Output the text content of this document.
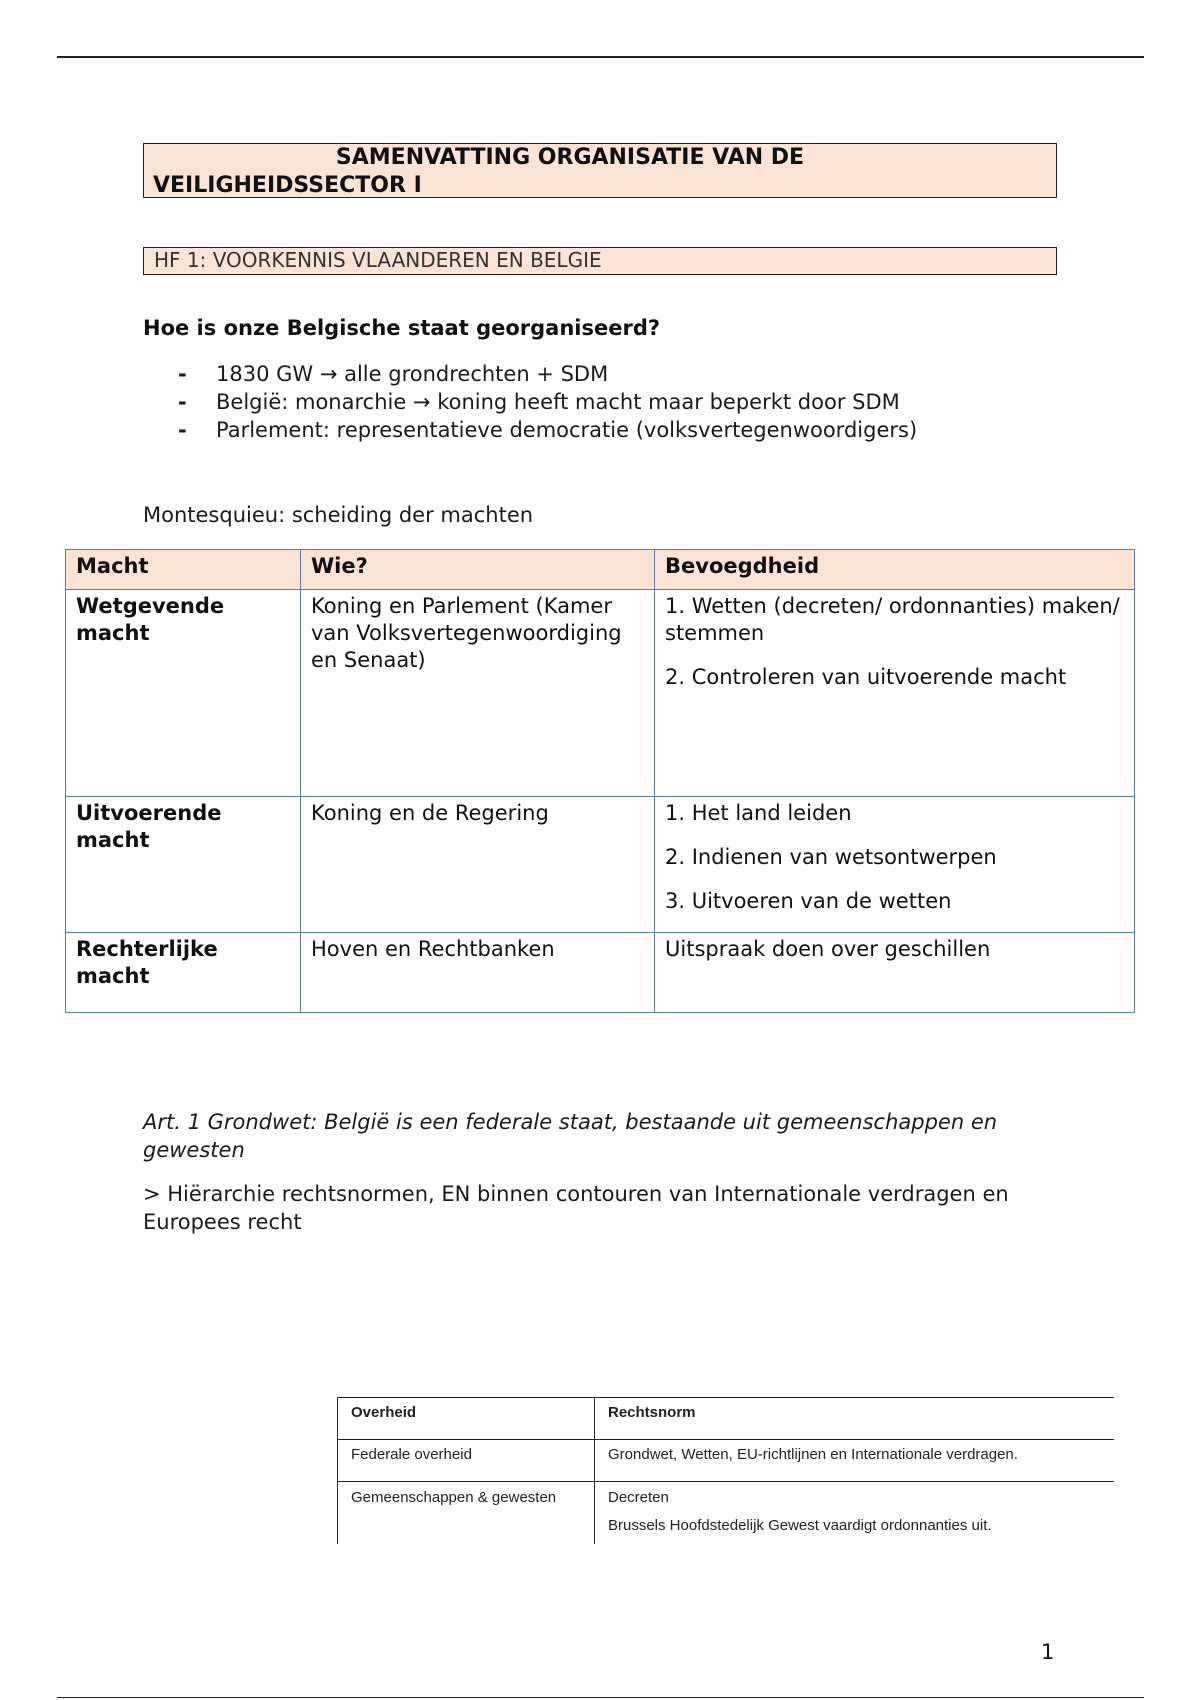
SAMENVATTING ORGANISATIE VAN DE
VEILIGHEIDSSECTOR I
HF 1: VOORKENNIS VLAANDEREN EN BELGIE
Hoe is onze Belgische staat georganiseerd?
- 1830 GW → alle grondrechten + SDM
- België: monarchie → koning heeft macht maar beperkt door SDM
- Parlement: representatieve democratie (volksvertegenwoordigers)
Montesquieu: scheiding der machten
Macht	Wie?	Bevoegdheid
Wetgevende macht	Koning en Parlement (Kamer van Volksvertegenwoordiging en Senaat)	1. Wetten (decreten/ ordonnanties) maken/ stemmen

2. Controleren van uitvoerende macht

Uitvoerende macht	Koning en de Regering	1. Het land leiden

2. Indienen van wetsontwerpen

3. Uitvoeren van de wetten

Rechterlijke macht	Hoven en Rechtbanken	Uitspraak doen over geschillen

Art. 1 Grondwet: België is een federale staat, bestaande uit gemeenschappen en gewesten
> Hiërarchie rechtsnormen, EN binnen contouren van Internationale verdragen en Europees recht
Overheid	Rechtsnorm
Federale overheid	Grondwet, Wetten, EU-richtlijnen en Internationale verdragen.
Gemeenschappen & gewesten	Decreten
Brussels Hoofdstedelijk Gewest vaardigt ordonnanties uit.
1
